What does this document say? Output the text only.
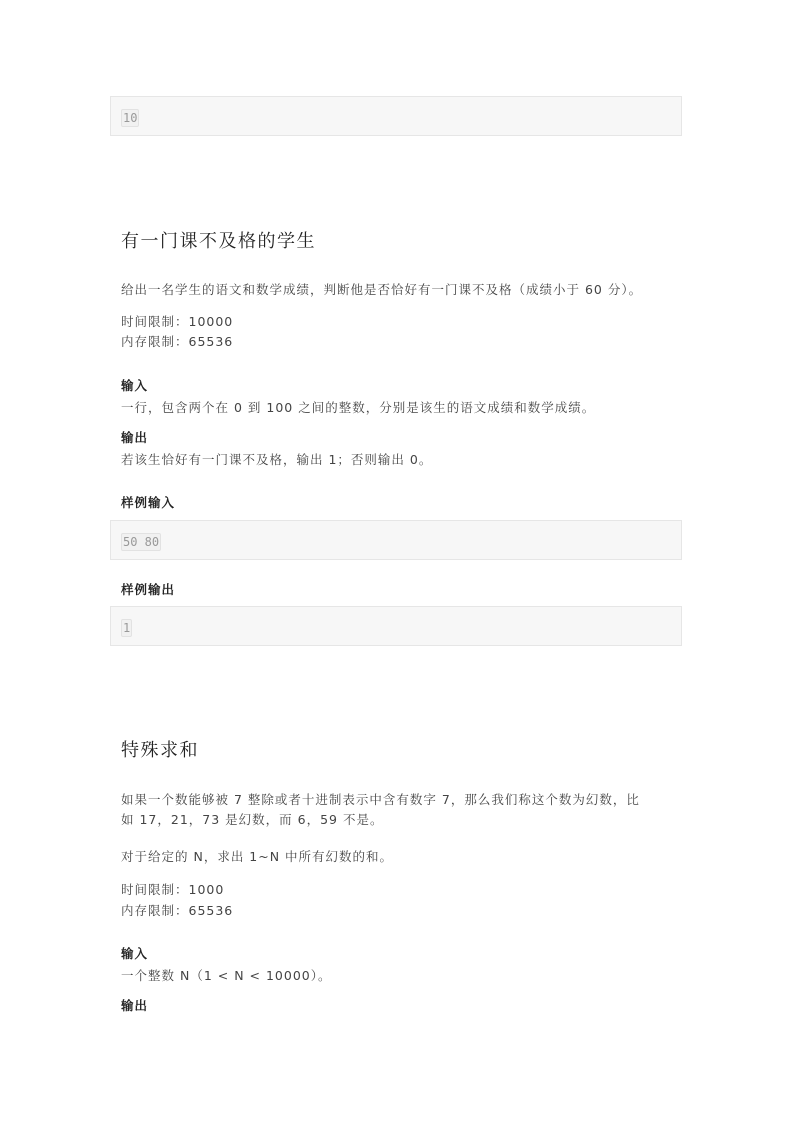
10
有一门课不及格的学生
给出一名学生的语文和数学成绩，判断他是否恰好有一门课不及格（成绩小于 60 分）。
时间限制：10000
内存限制：65536
输入
一行，包含两个在 0 到 100 之间的整数，分别是该生的语文成绩和数学成绩。
输出
若该生恰好有一门课不及格，输出 1；否则输出 0。
样例输入
50 80
样例输出
1
特殊求和
如果一个数能够被 7 整除或者十进制表示中含有数字 7，那么我们称这个数为幻数，比
如 17，21，73 是幻数，而 6，59 不是。
对于给定的 N，求出 1~N 中所有幻数的和。
时间限制：1000
内存限制：65536
输入
一个整数 N（1 < N < 10000）。
输出
